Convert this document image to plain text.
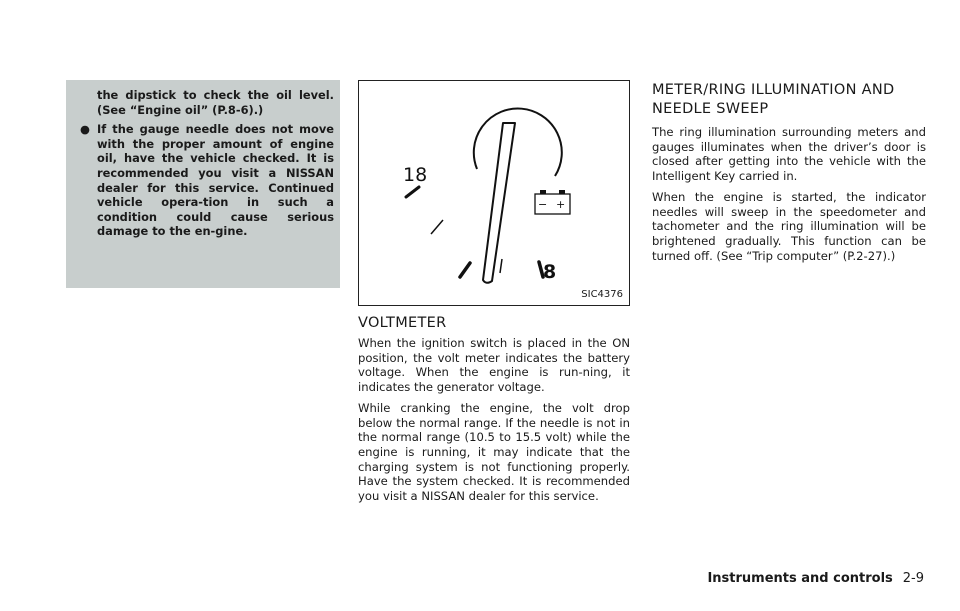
the dipstick to check the oil level. (See “Engine oil” (P.8-6).)

● If the gauge needle does not move with the proper amount of engine oil, have the vehicle checked. It is recommended you visit a NISSAN dealer for this service. Continued vehicle opera-tion in such a condition could cause serious damage to the en-gine.

18
8
− +
SIC4376
VOLTMETER

When the ignition switch is placed in the ON position, the volt meter indicates the battery voltage. When the engine is run-ning, it indicates the generator voltage.

While cranking the engine, the volt drop below the normal range. If the needle is not in the normal range (10.5 to 15.5 volt) while the engine is running, it may indicate that the charging system is not functioning properly. Have the system checked. It is recommended you visit a NISSAN dealer for this service.

METER/RING ILLUMINATION AND NEEDLE SWEEP

The ring illumination surrounding meters and gauges illuminates when the driver’s door is closed after getting into the vehicle with the Intelligent Key carried in.

When the engine is started, the indicator needles will sweep in the speedometer and tachometer and the ring illumination will be brightened gradually. This function can be turned off. (See “Trip computer” (P.2-27).)

Instruments and controls 2-9
